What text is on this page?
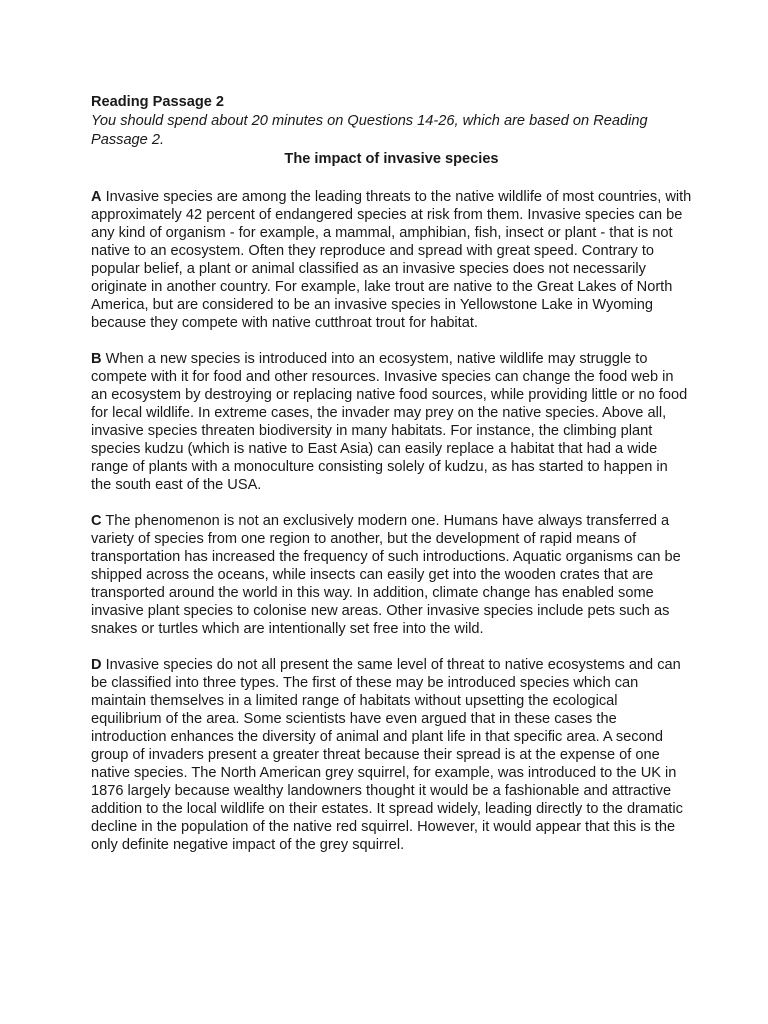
Reading Passage 2

You should spend about 20 minutes on Questions 14-26, which are based on Reading Passage 2.

The impact of invasive species

A Invasive species are among the leading threats to the native wildlife of most countries, with approximately 42 percent of endangered species at risk from them. Invasive species can be any kind of organism - for example, a mammal, amphibian, fish, insect or plant - that is not native to an ecosystem. Often they reproduce and spread with great speed. Contrary to popular belief, a plant or animal classified as an invasive species does not necessarily originate in another country. For example, lake trout are native to the Great Lakes of North America, but are considered to be an invasive species in Yellowstone Lake in Wyoming because they compete with native cutthroat trout for habitat.

B When a new species is introduced into an ecosystem, native wildlife may struggle to compete with it for food and other resources. Invasive species can change the food web in an ecosystem by destroying or replacing native food sources, while providing little or no food for lecal wildlife. In extreme cases, the invader may prey on the native species. Above all, invasive species threaten biodiversity in many habitats. For instance, the climbing plant species kudzu (which is native to East Asia) can easily replace a habitat that had a wide range of plants with a monoculture consisting solely of kudzu, as has started to happen in the south east of the USA.

C The phenomenon is not an exclusively modern one. Humans have always transferred a variety of species from one region to another, but the development of rapid means of transportation has increased the frequency of such introductions. Aquatic organisms can be shipped across the oceans, while insects can easily get into the wooden crates that are transported around the world in this way. In addition, climate change has enabled some invasive plant species to colonise new areas. Other invasive species include pets such as snakes or turtles which are intentionally set free into the wild.

D Invasive species do not all present the same level of threat to native ecosystems and can be classified into three types. The first of these may be introduced species which can maintain themselves in a limited range of habitats without upsetting the ecological equilibrium of the area. Some scientists have even argued that in these cases the introduction enhances the diversity of animal and plant life in that specific area. A second group of invaders present a greater threat because their spread is at the expense of one native species. The North American grey squirrel, for example, was introduced to the UK in 1876 largely because wealthy landowners thought it would be a fashionable and attractive addition to the local wildlife on their estates. It spread widely, leading directly to the dramatic decline in the population of the native red squirrel. However, it would appear that this is the only definite negative impact of the grey squirrel.
